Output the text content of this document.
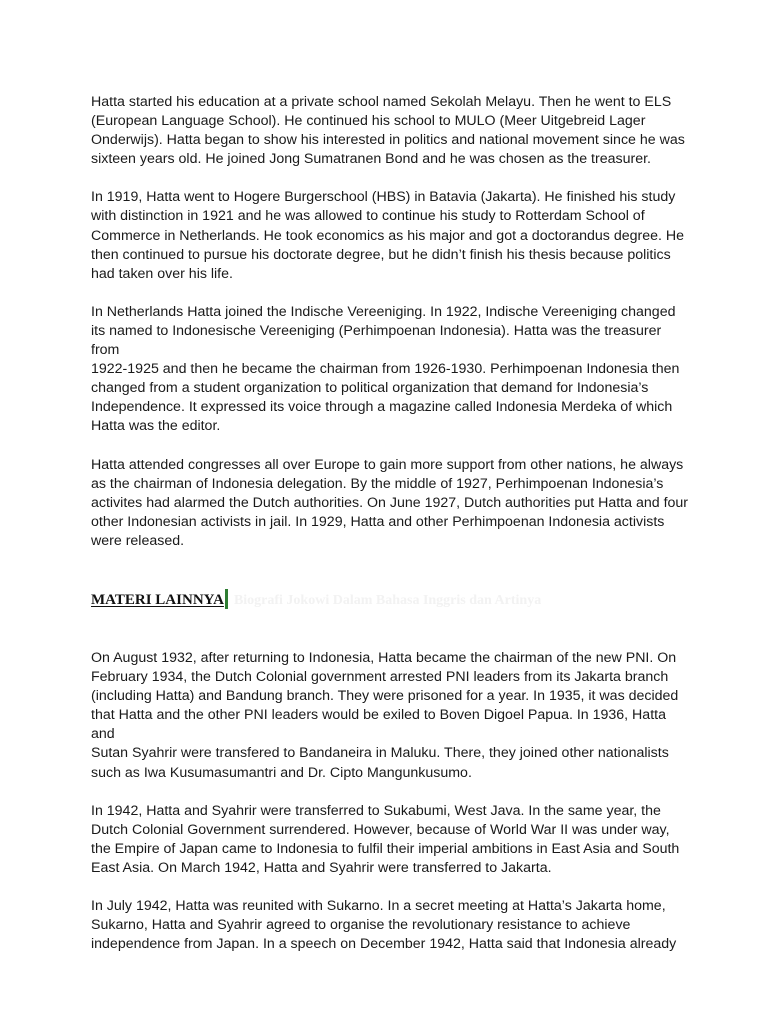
Hatta started his education at a private school named Sekolah Melayu. Then he went to ELS
(European Language School). He continued his school to MULO (Meer Uitgebreid Lager
Onderwijs). Hatta began to show his interested in politics and national movement since he was
sixteen years old. He joined Jong Sumatranen Bond and he was chosen as the treasurer.

In 1919, Hatta went to Hogere Burgerschool (HBS) in Batavia (Jakarta). He finished his study
with distinction in 1921 and he was allowed to continue his study to Rotterdam School of
Commerce in Netherlands. He took economics as his major and got a doctorandus degree. He
then continued to pursue his doctorate degree, but he didn’t finish his thesis because politics
had taken over his life.

In Netherlands Hatta joined the Indische Vereeniging. In 1922, Indische Vereeniging changed
its named to Indonesische Vereeniging (Perhimpoenan Indonesia). Hatta was the treasurer from
1922-1925 and then he became the chairman from 1926-1930. Perhimpoenan Indonesia then
changed from a student organization to political organization that demand for Indonesia’s
Independence. It expressed its voice through a magazine called Indonesia Merdeka of which
Hatta was the editor.

Hatta attended congresses all over Europe to gain more support from other nations, he always
as the chairman of Indonesia delegation. By the middle of 1927, Perhimpoenan Indonesia’s
activites had alarmed the Dutch authorities. On June 1927, Dutch authorities put Hatta and four
other Indonesian activists in jail. In 1929, Hatta and other Perhimpoenan Indonesia activists
were released.

MATERI LAINNYA Biografi Jokowi Dalam Bahasa Inggris dan Artinya

On August 1932, after returning to Indonesia, Hatta became the chairman of the new PNI. On
February 1934, the Dutch Colonial government arrested PNI leaders from its Jakarta branch
(including Hatta) and Bandung branch. They were prisoned for a year. In 1935, it was decided
that Hatta and the other PNI leaders would be exiled to Boven Digoel Papua. In 1936, Hatta and
Sutan Syahrir were transfered to Bandaneira in Maluku. There, they joined other nationalists
such as Iwa Kusumasumantri and Dr. Cipto Mangunkusumo.

In 1942, Hatta and Syahrir were transferred to Sukabumi, West Java. In the same year, the
Dutch Colonial Government surrendered. However, because of World War II was under way,
the Empire of Japan came to Indonesia to fulfil their imperial ambitions in East Asia and South
East Asia. On March 1942, Hatta and Syahrir were transferred to Jakarta.

In July 1942, Hatta was reunited with Sukarno. In a secret meeting at Hatta’s Jakarta home,
Sukarno, Hatta and Syahrir agreed to organise the revolutionary resistance to achieve
independence from Japan. In a speech on December 1942, Hatta said that Indonesia already
